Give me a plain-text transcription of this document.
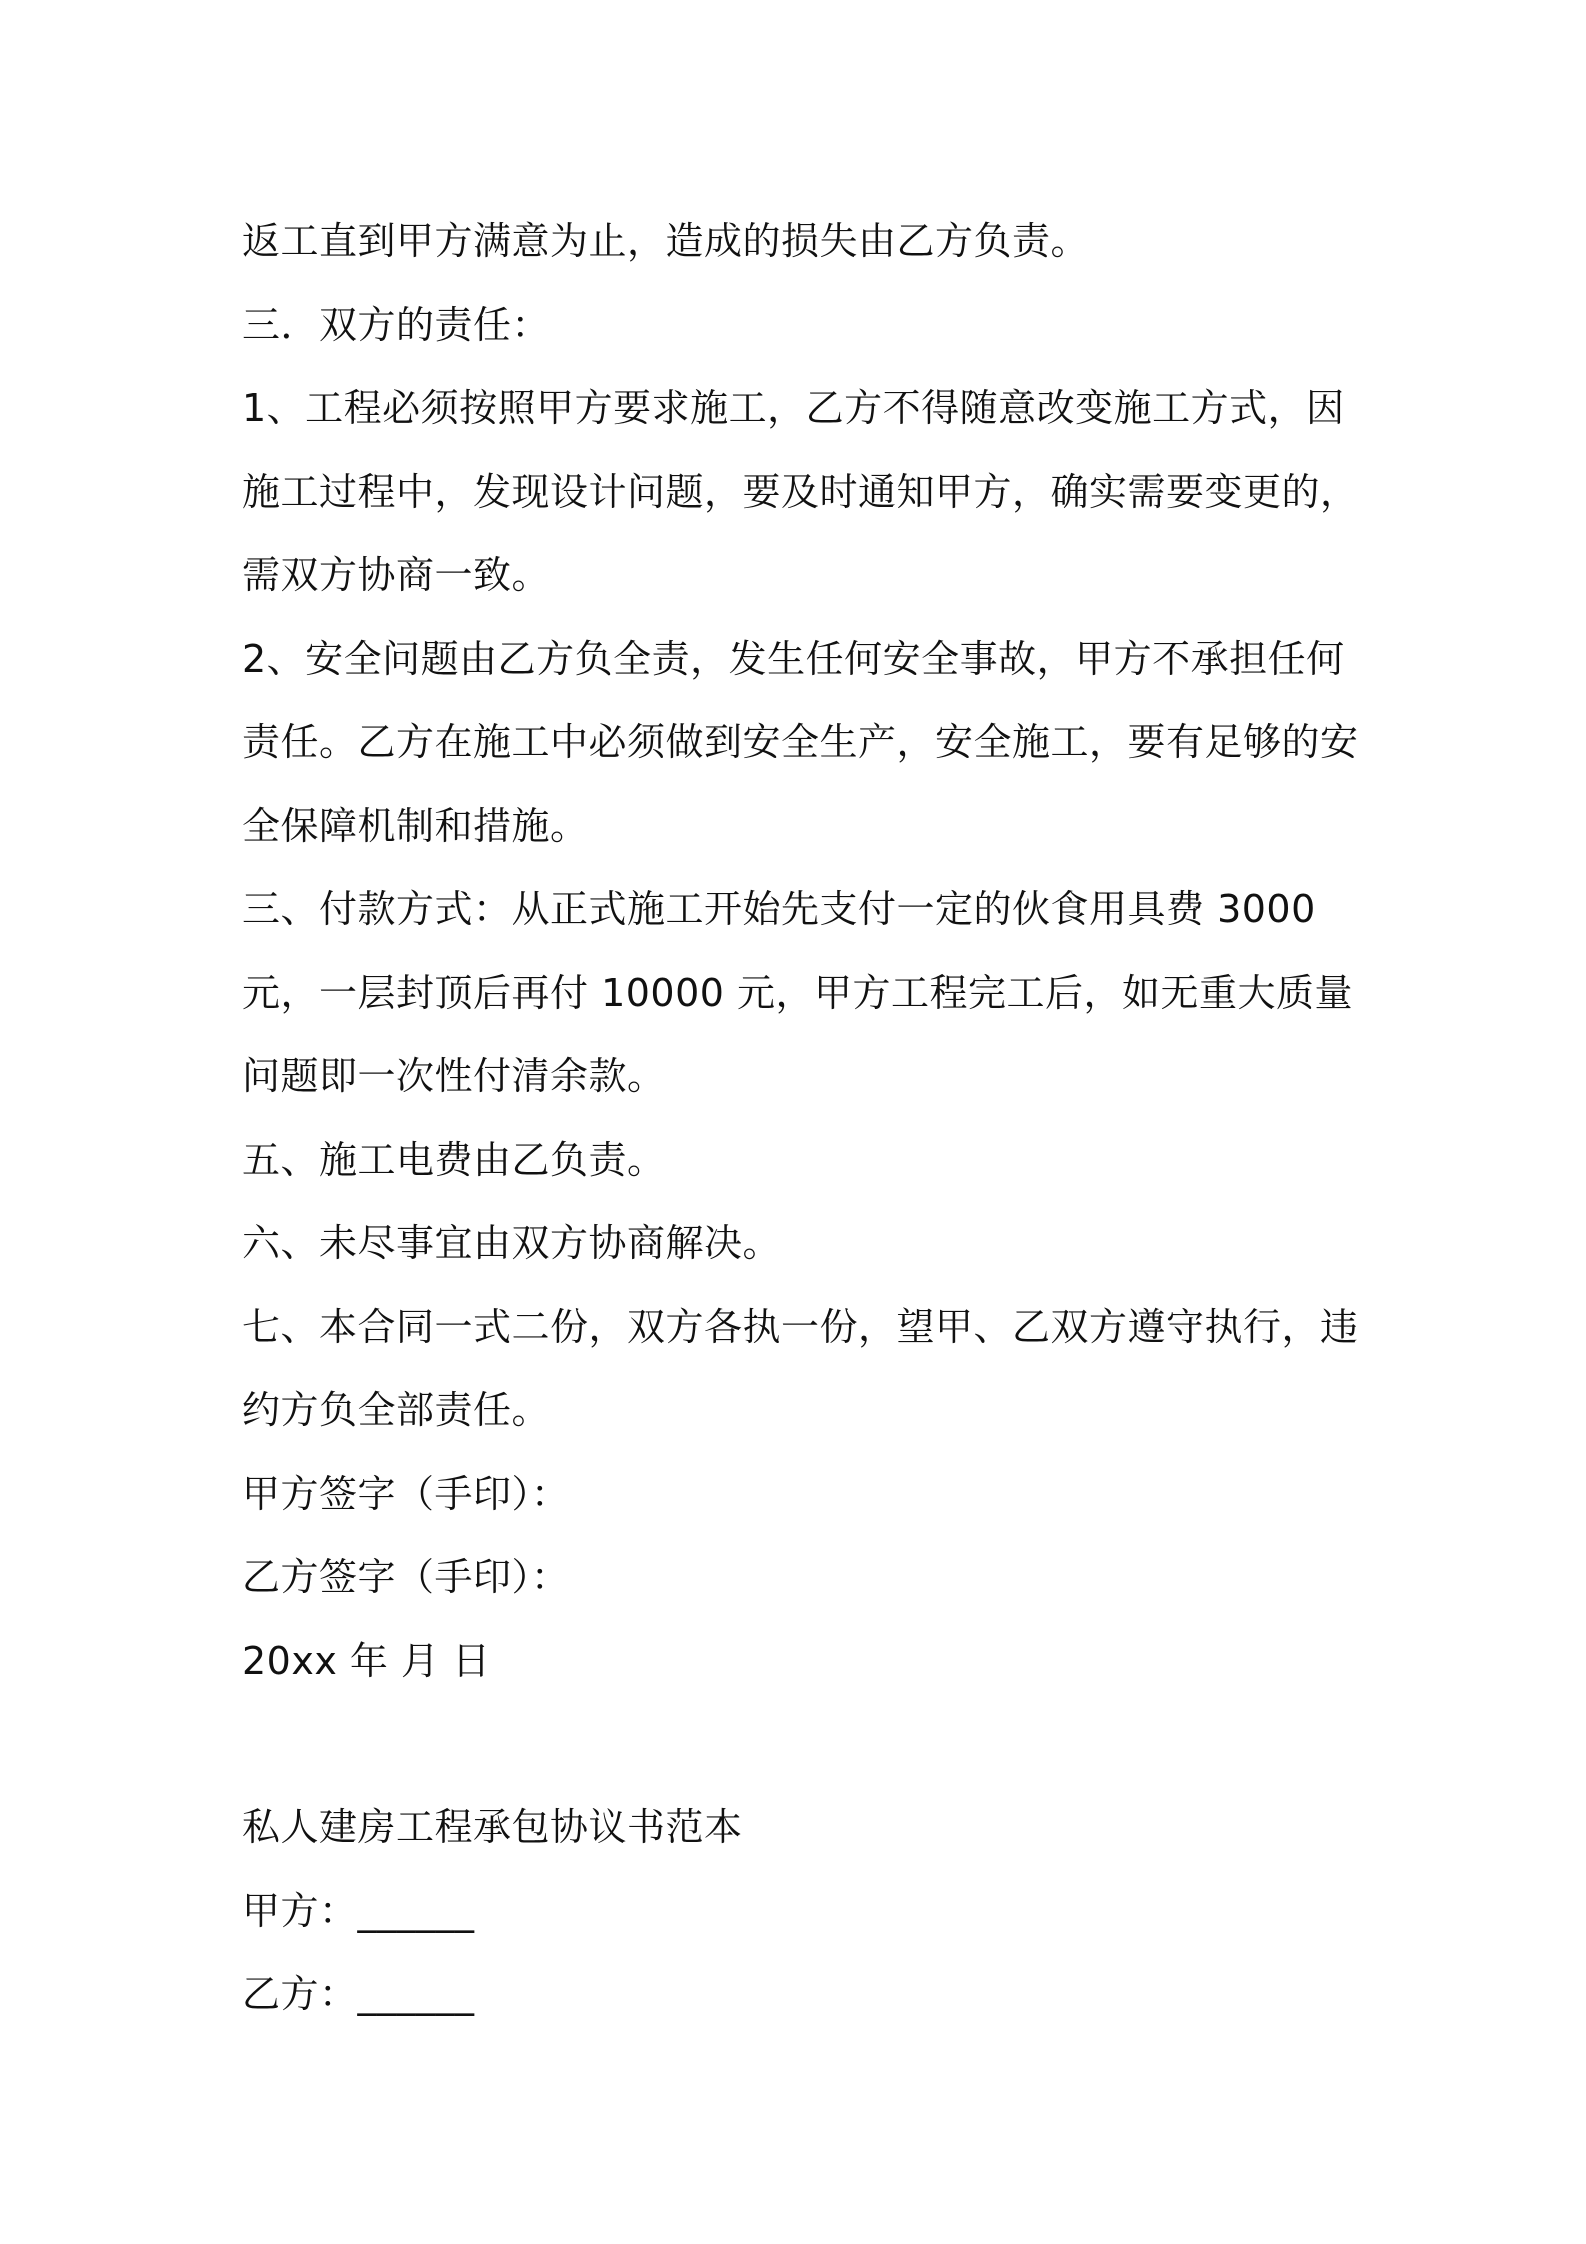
返工直到甲方满意为止，造成的损失由乙方负责。

三．双方的责任：

1、工程必须按照甲方要求施工，乙方不得随意改变施工方式，因施工过程中，发现设计问题，要及时通知甲方，确实需要变更的，需双方协商一致。

2、安全问题由乙方负全责，发生任何安全事故，甲方不承担任何责任。乙方在施工中必须做到安全生产，安全施工，要有足够的安全保障机制和措施。

三、付款方式：从正式施工开始先支付一定的伙食用具费 3000 元，一层封顶后再付 10000 元，甲方工程完工后，如无重大质量问题即一次性付清余款。

五、施工电费由乙负责。

六、未尽事宜由双方协商解决。

七、本合同一式二份，双方各执一份，望甲、乙双方遵守执行，违约方负全部责任。

甲方签字（手印）：

乙方签字（手印）：

20xx 年 月 日

私人建房工程承包协议书范本

甲方：______

乙方：______
